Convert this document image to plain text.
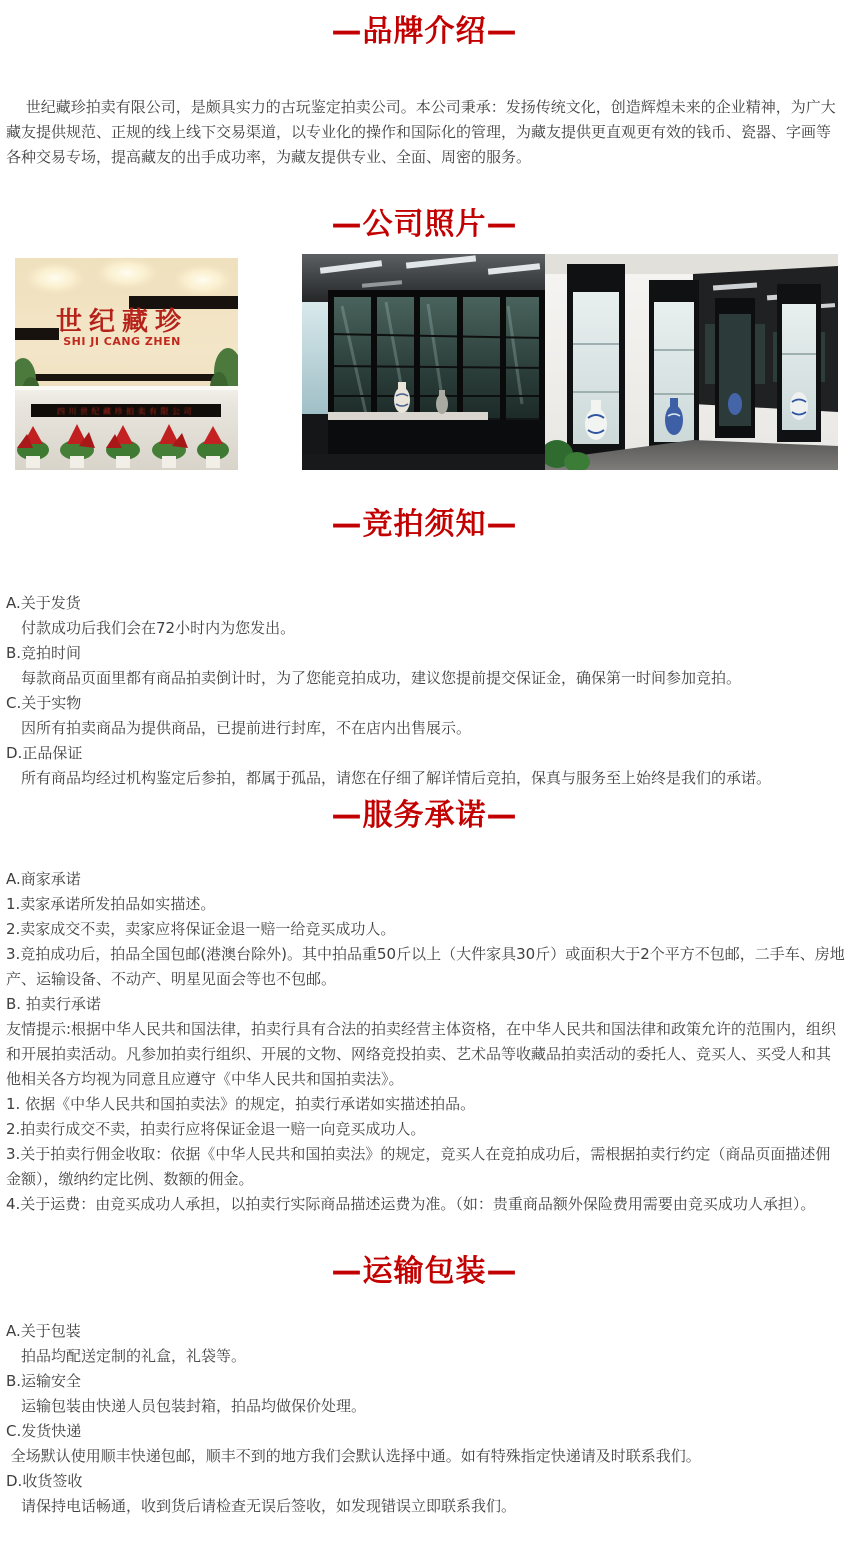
—品牌介绍—
　 世纪藏珍拍卖有限公司，是颇具实力的古玩鉴定拍卖公司。本公司秉承：发扬传统文化，创造辉煌未来的企业精神，为广大藏友提供规范、正规的线上线下交易渠道，以专业化的操作和国际化的管理，为藏友提供更直观更有效的钱币、瓷器、字画等各种交易专场，提高藏友的出手成功率，为藏友提供专业、全面、周密的服务。
—公司照片—
世纪藏珍
SHI JI CANG ZHEN
四川世纪藏珍拍卖有限公司
—竞拍须知—
A.关于发货
　付款成功后我们会在72小时内为您发出。
B.竞拍时间
　每款商品页面里都有商品拍卖倒计时，为了您能竞拍成功，建议您提前提交保证金，确保第一时间参加竞拍。
C.关于实物
　因所有拍卖商品为提供商品，已提前进行封库，不在店内出售展示。
D.正品保证
　所有商品均经过机构鉴定后参拍，都属于孤品，请您在仔细了解详情后竞拍，保真与服务至上始终是我们的承诺。
—服务承诺—
A.商家承诺
1.卖家承诺所发拍品如实描述。
2.卖家成交不卖，卖家应将保证金退一赔一给竞买成功人。
3.竞拍成功后，拍品全国包邮(港澳台除外)。其中拍品重50斤以上（大件家具30斤）或面积大于2个平方不包邮，二手车、房地产、运输设备、不动产、明星见面会等也不包邮。
B. 拍卖行承诺
友情提示:根据中华人民共和国法律，拍卖行具有合法的拍卖经营主体资格，在中华人民共和国法律和政策允许的范围内，组织和开展拍卖活动。凡参加拍卖行组织、开展的文物、网络竞投拍卖、艺术品等收藏品拍卖活动的委托人、竞买人、买受人和其他相关各方均视为同意且应遵守《中华人民共和国拍卖法》。
1. 依据《中华人民共和国拍卖法》的规定，拍卖行承诺如实描述拍品。
2.拍卖行成交不卖，拍卖行应将保证金退一赔一向竞买成功人。
3.关于拍卖行佣金收取：依据《中华人民共和国拍卖法》的规定，竞买人在竞拍成功后，需根据拍卖行约定（商品页面描述佣金额），缴纳约定比例、数额的佣金。
4.关于运费：由竞买成功人承担，以拍卖行实际商品描述运费为准。（如：贵重商品额外保险费用需要由竞买成功人承担）。
—运输包装—
A.关于包装
　拍品均配送定制的礼盒，礼袋等。
B.运输安全
　运输包装由快递人员包装封箱，拍品均做保价处理。
C.发货快递
全场默认使用顺丰快递包邮，顺丰不到的地方我们会默认选择中通。如有特殊指定快递请及时联系我们。
D.收货签收
　请保持电话畅通，收到货后请检查无误后签收，如发现错误立即联系我们。
